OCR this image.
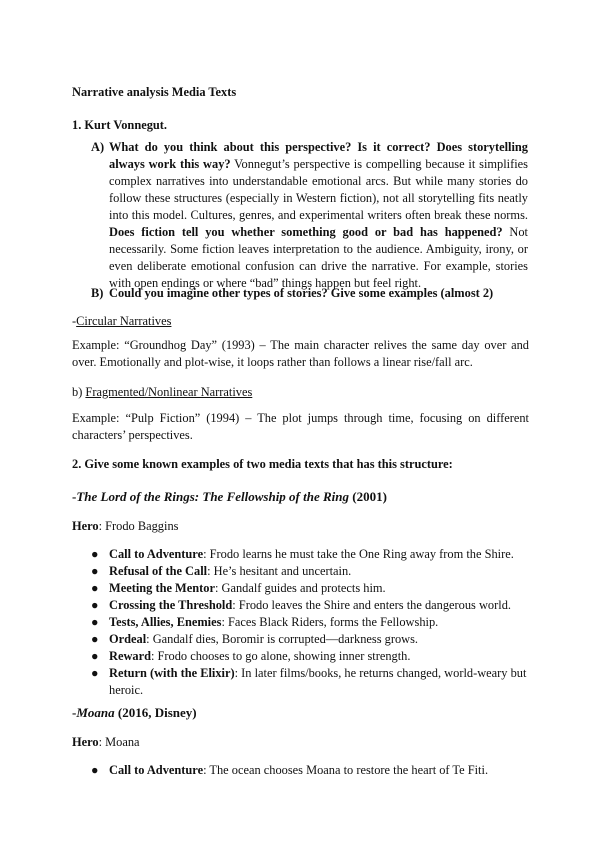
Narrative analysis Media Texts

1. Kurt Vonnegut.

A) What do you think about this perspective? Is it correct? Does storytelling always work this way? Vonnegut’s perspective is compelling because it simplifies complex narratives into understandable emotional arcs. But while many stories do follow these structures (especially in Western fiction), not all storytelling fits neatly into this model. Cultures, genres, and experimental writers often break these norms. Does fiction tell you whether something good or bad has happened? Not necessarily. Some fiction leaves interpretation to the audience. Ambiguity, irony, or even deliberate emotional confusion can drive the narrative. For example, stories with open endings or where “bad” things happen but feel right.
B) Could you imagine other types of stories? Give some examples (almost 2)

-Circular Narratives

Example: “Groundhog Day” (1993) – The main character relives the same day over and over. Emotionally and plot-wise, it loops rather than follows a linear rise/fall arc.

b) Fragmented/Nonlinear Narratives

Example: “Pulp Fiction” (1994) – The plot jumps through time, focusing on different characters’ perspectives.

2. Give some known examples of two media texts that has this structure:

-The Lord of the Rings: The Fellowship of the Ring (2001)

Hero: Frodo Baggins

● Call to Adventure: Frodo learns he must take the One Ring away from the Shire.
● Refusal of the Call: He’s hesitant and uncertain.
● Meeting the Mentor: Gandalf guides and protects him.
● Crossing the Threshold: Frodo leaves the Shire and enters the dangerous world.
● Tests, Allies, Enemies: Faces Black Riders, forms the Fellowship.
● Ordeal: Gandalf dies, Boromir is corrupted—darkness grows.
● Reward: Frodo chooses to go alone, showing inner strength.
● Return (with the Elixir): In later films/books, he returns changed, world-weary but heroic.

-Moana (2016, Disney)

Hero: Moana

● Call to Adventure: The ocean chooses Moana to restore the heart of Te Fiti.
